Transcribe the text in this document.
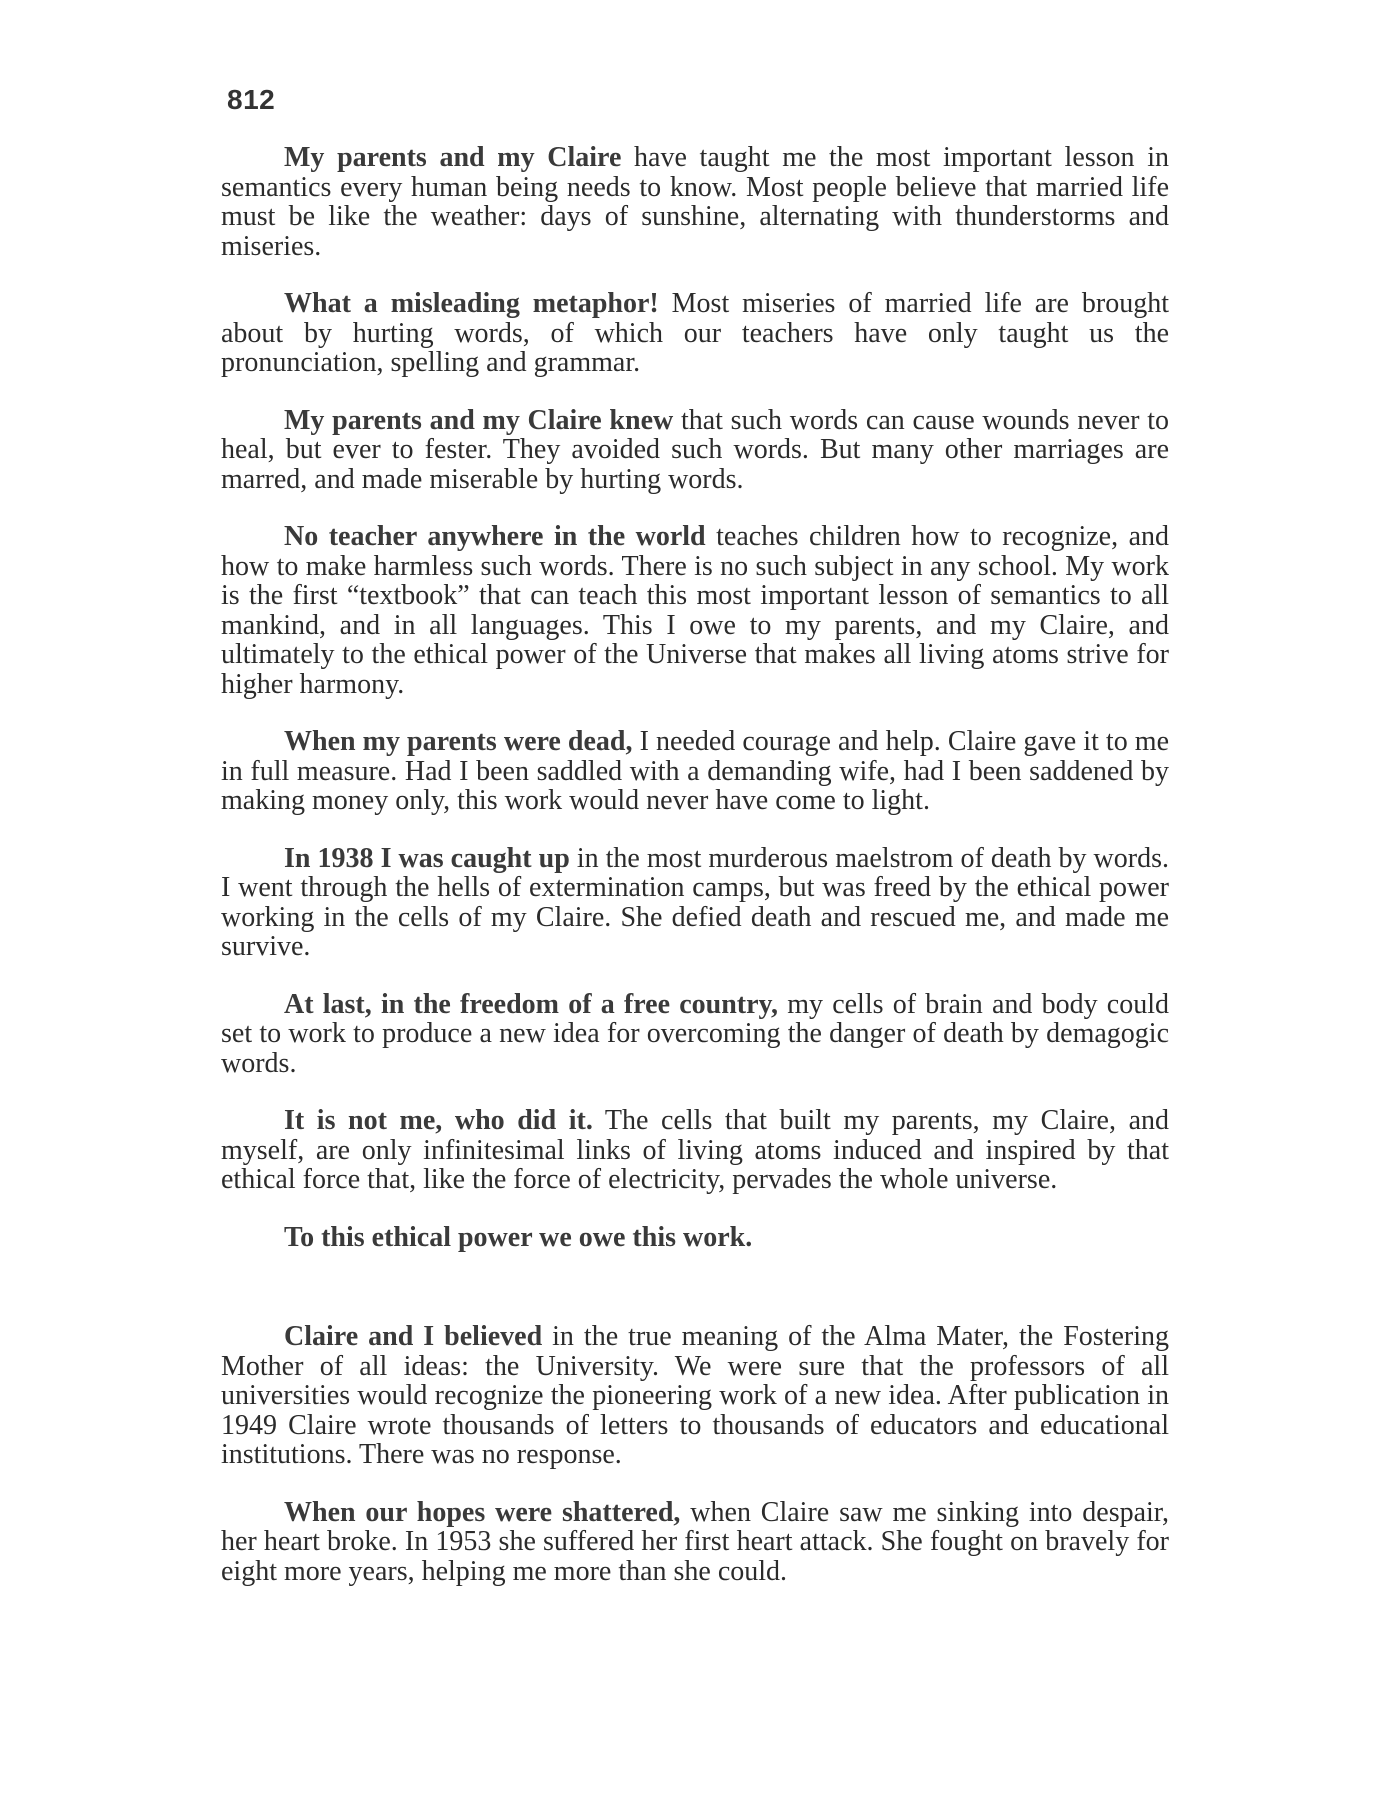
812

My parents and my Claire have taught me the most important lesson in semantics every human being needs to know. Most people believe that married life must be like the weather: days of sunshine, alternating with thunderstorms and miseries.

What a misleading metaphor! Most miseries of married life are brought about by hurting words, of which our teachers have only taught us the pronunciation, spelling and grammar.

My parents and my Claire knew that such words can cause wounds never to heal, but ever to fester. They avoided such words. But many other marriages are marred, and made miserable by hurting words.

No teacher anywhere in the world teaches children how to recognize, and how to make harmless such words. There is no such subject in any school. My work is the first “textbook” that can teach this most important lesson of semantics to all mankind, and in all languages. This I owe to my parents, and my Claire, and ultimately to the ethical power of the Universe that makes all living atoms strive for higher harmony.

When my parents were dead, I needed courage and help. Claire gave it to me in full measure. Had I been saddled with a demanding wife, had I been saddened by making money only, this work would never have come to light.

In 1938 I was caught up in the most murderous maelstrom of death by words. I went through the hells of extermination camps, but was freed by the ethical power working in the cells of my Claire. She defied death and rescued me, and made me survive.

At last, in the freedom of a free country, my cells of brain and body could set to work to produce a new idea for overcoming the danger of death by demagogic words.

It is not me, who did it. The cells that built my parents, my Claire, and myself, are only infinitesimal links of living atoms induced and inspired by that ethical force that, like the force of electricity, pervades the whole universe.

To this ethical power we owe this work.

Claire and I believed in the true meaning of the Alma Mater, the Fostering Mother of all ideas: the University. We were sure that the professors of all universities would recognize the pioneering work of a new idea. After publication in 1949 Claire wrote thousands of letters to thousands of educators and educational institutions. There was no response.

When our hopes were shattered, when Claire saw me sinking into despair, her heart broke. In 1953 she suffered her first heart attack. She fought on bravely for eight more years, helping me more than she could.
